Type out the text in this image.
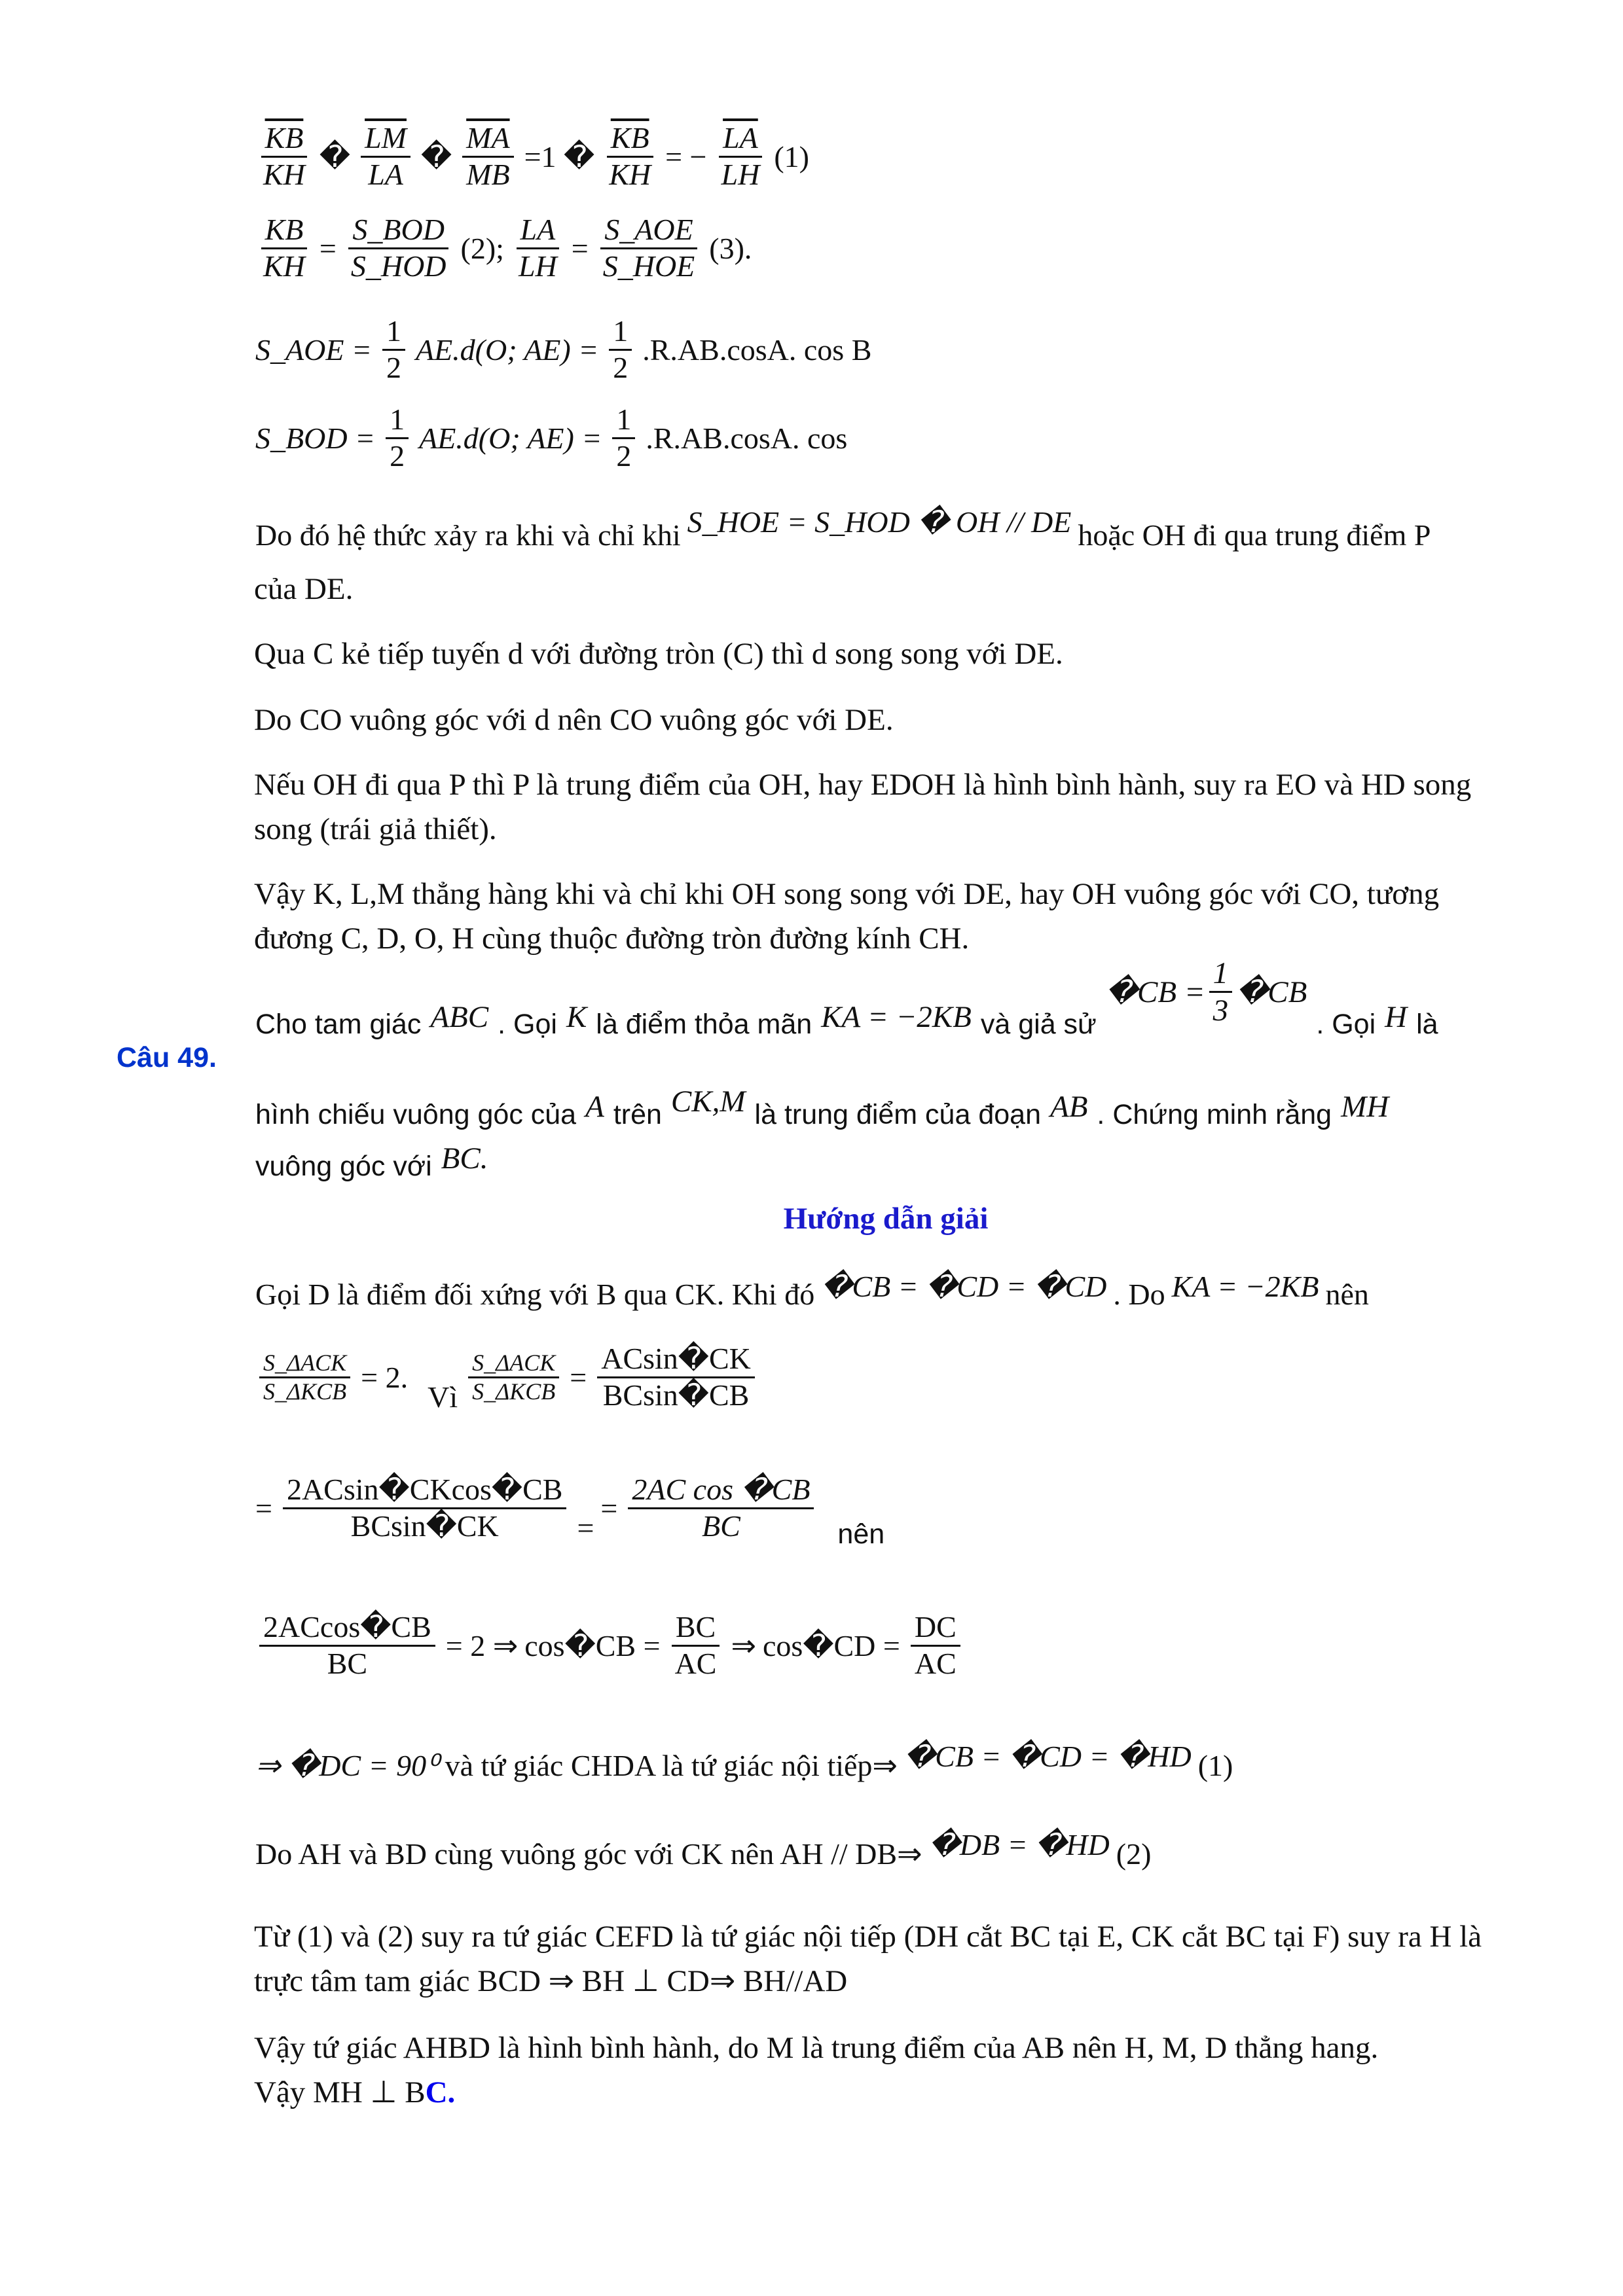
$\frac{\overline{KB}}{KH}$ � $\frac{\overline{LM}}{LA}$ � $\frac{\overline{MA}}{MB} =1$ � $\frac{\overline{KB}}{KH}$ = − $\frac{\overline{LA}}{LH} (1)$
$\frac{KB}{KH} = \frac{\text{S\_BOD}}{\text{S\_HOD}} (2)$; $\frac{LA}{LH} = \frac{\text{S\_AOE}}{\text{S\_HOE}} (3)$.
S_AOE = $\frac{1}{2} AE.d(O$; $AE) = \frac{1}{2} .R.AB.\cos A$. cos B
S_BOD = $\frac{1}{2} AE.d(O$; $AE) = \frac{1}{2} .R.AB.\cos A$. cos
Do đó hệ thức xảy ra khi và chỉ khi S_HOE = S_HOD � OH // DE hoặc OH đi qua trung điểm P
của DE.
Qua C kẻ tiếp tuyến d với đường tròn (C) thì d song song với DE.
Do CO vuông góc với d nên CO vuông góc với DE.
Nếu OH đi qua P thì P là trung điểm của OH, hay EDOH là hình bình hành, suy ra EO và HD song song (trái giả thiết).
Vậy K, L,M thẳng hàng khi và chỉ khi OH song song với DE, hay OH vuông góc với CO, tương đương C, D, O, H cùng thuộc đường tròn đường kính CH.
Câu 49.
Cho tam giác ABC . Gọi K là điểm thỏa mãn KA = −2KB và giả sử
�CB = $\frac{1}{3}$ �CB
. Gọi H là
hình chiếu vuông góc của A trên CK,M là trung điểm của đoạn AB . Chứng minh rằng MH
vuông góc với BC.
Hướng dẫn giải
Gọi D là điểm đối xứng với B qua CK. Khi đó �CB = �CD = �CD . Do KA = −2KB nên
$\frac{\text{S\_ΔACK}}{\text{S\_ΔKCB}} = 2$.
Vì $\frac{\text{S\_ΔACK}}{\text{S\_ΔKCB}} = \frac{ACsin�CK}{BCsin�CB}$
= $\frac{2ACsin�CKcos�CB}{BCsin�CK}$ =
= $\frac{\text{2AC cos �CB}}{BC}$ nên
$\frac{2ACcos�CB}{BC} = 2$ ⇒ cos�CB = $\frac{BC}{AC}$ ⇒ cos�CD = $\frac{DC}{AC}$
⇒ �DC = 90⁰ và tứ giác CHDA là tứ giác nội tiếp⇒ �CB = �CD = �HD (1)
Do AH và BD cùng vuông góc với CK nên AH // DB⇒ �DB = �HD (2)
Từ (1) và (2) suy ra tứ giác CEFD là tứ giác nội tiếp (DH cắt BC tại E, CK cắt BC tại F) suy ra H là trực tâm tam giác BCD ⇒ BH ⊥ CD⇒ BH//AD
Vậy tứ giác AHBD là hình bình hành, do M là trung điểm của AB nên H, M, D thẳng hang.
Vậy MH ⊥ BC.
